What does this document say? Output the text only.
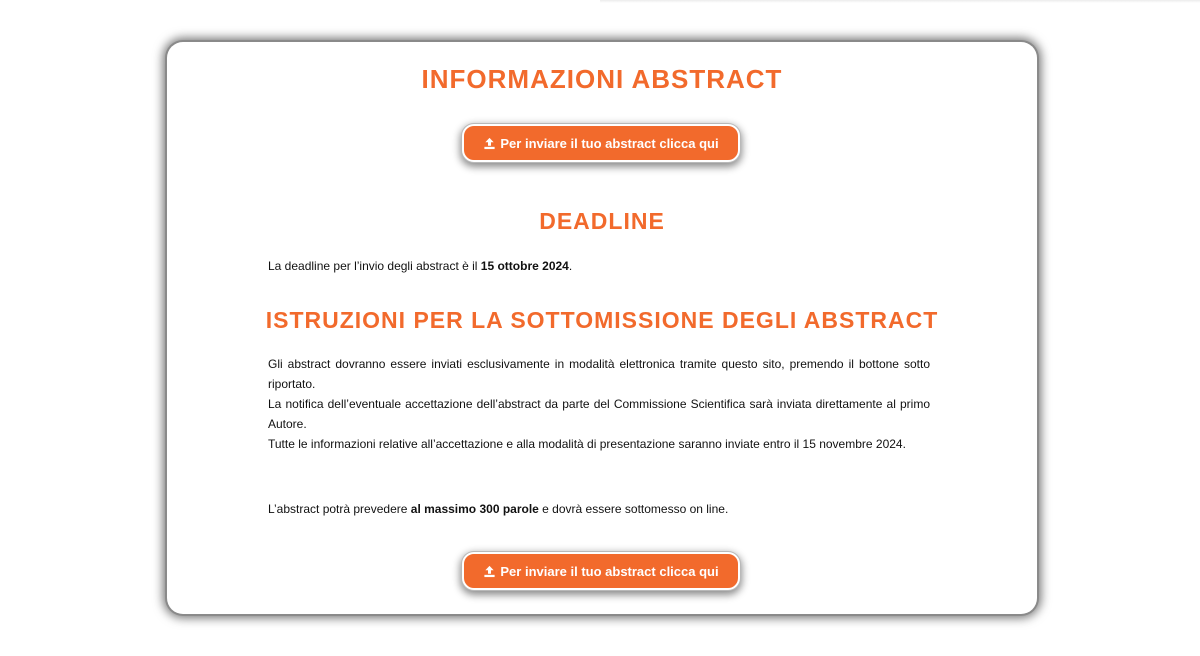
INFORMAZIONI ABSTRACT
Per inviare il tuo abstract clicca qui
DEADLINE

La deadline per l’invio degli abstract è il 15 ottobre 2024.

ISTRUZIONI PER LA SOTTOMISSIONE DEGLI ABSTRACT
Gli abstract dovranno essere inviati esclusivamente in modalità elettronica tramite questo sito, premendo il bottone sotto riportato.
La notifica dell’eventuale accettazione dell’abstract da parte del Commissione Scientifica sarà inviata direttamente al primo Autore.
Tutte le informazioni relative all’accettazione e alla modalità di presentazione saranno inviate entro il 15 novembre 2024.

L’abstract potrà prevedere al massimo 300 parole e dovrà essere sottomesso on line.

Per inviare il tuo abstract clicca qui
